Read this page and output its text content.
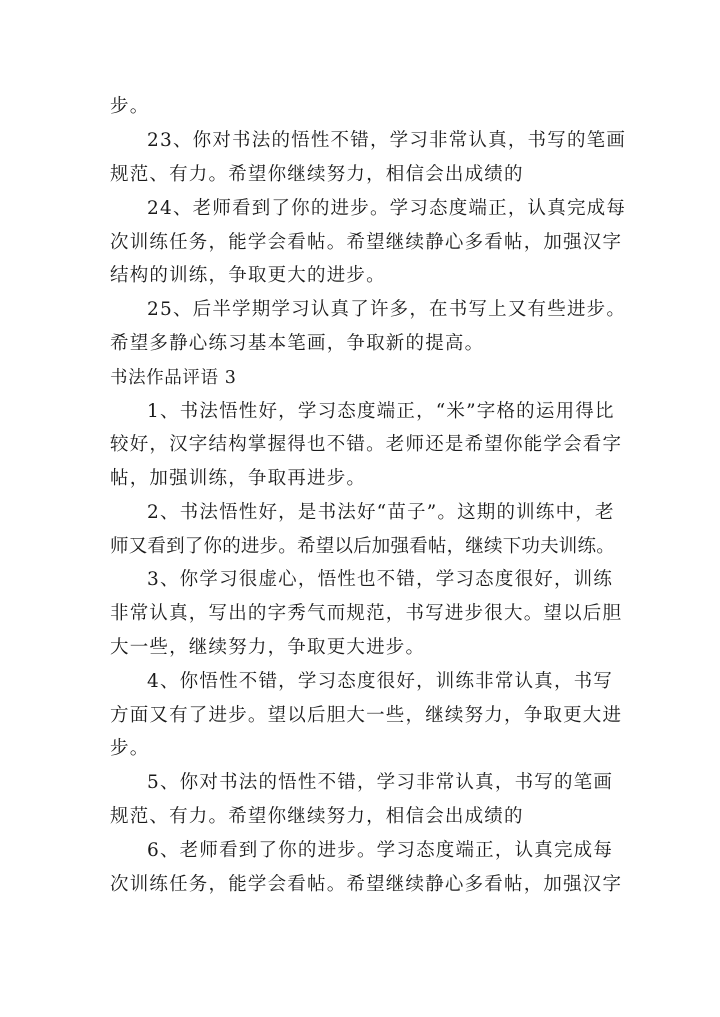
步。
23、你对书法的悟性不错，学习非常认真，书写的笔画
规范、有力。希望你继续努力，相信会出成绩的
24、老师看到了你的进步。学习态度端正，认真完成每
次训练任务，能学会看帖。希望继续静心多看帖，加强汉字
结构的训练，争取更大的进步。
25、后半学期学习认真了许多，在书写上又有些进步。
希望多静心练习基本笔画，争取新的提高。
书法作品评语 3
1、书法悟性好，学习态度端正，“米”字格的运用得比
较好，汉字结构掌握得也不错。老师还是希望你能学会看字
帖，加强训练，争取再进步。
2、书法悟性好，是书法好“苗子”。这期的训练中，老
师又看到了你的进步。希望以后加强看帖，继续下功夫训练。
3、你学习很虚心，悟性也不错，学习态度很好，训练
非常认真，写出的字秀气而规范，书写进步很大。望以后胆
大一些，继续努力，争取更大进步。
4、你悟性不错，学习态度很好，训练非常认真，书写
方面又有了进步。望以后胆大一些，继续努力，争取更大进
步。
5、你对书法的悟性不错，学习非常认真，书写的笔画
规范、有力。希望你继续努力，相信会出成绩的
6、老师看到了你的进步。学习态度端正，认真完成每
次训练任务，能学会看帖。希望继续静心多看帖，加强汉字
